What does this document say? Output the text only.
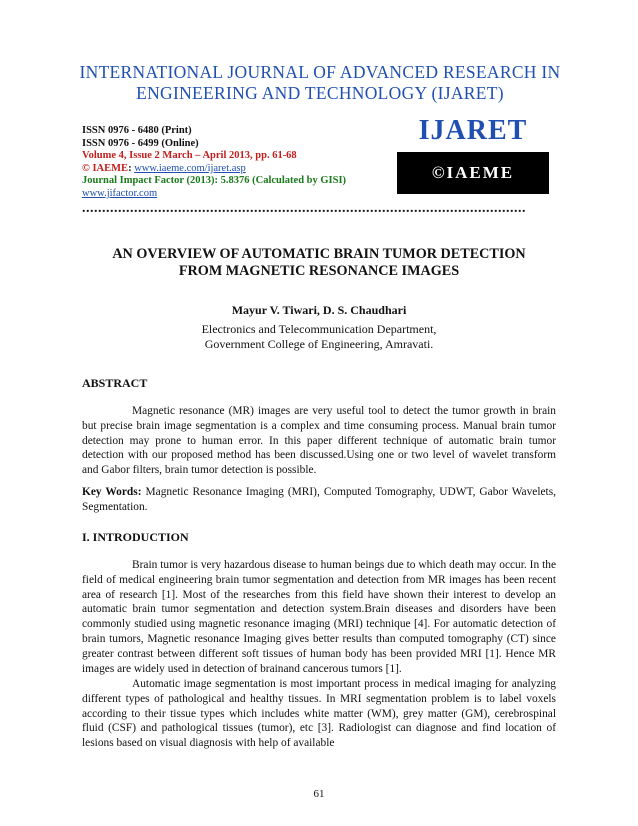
INTERNATIONAL JOURNAL OF ADVANCED RESEARCH IN
ENGINEERING AND TECHNOLOGY (IJARET)
ISSN 0976 - 6480 (Print)
ISSN 0976 - 6499 (Online)
Volume 4, Issue 2 March – April 2013, pp. 61-68
© IAEME: www.iaeme.com/ijaret.asp
Journal Impact Factor (2013): 5.8376 (Calculated by GISI)
www.jifactor.com
IJARET
©IAEME
...............................................................................................................
AN OVERVIEW OF AUTOMATIC BRAIN TUMOR DETECTION
FROM MAGNETIC RESONANCE IMAGES
Mayur V. Tiwari, D. S. Chaudhari
Electronics and Telecommunication Department,
Government College of Engineering, Amravati.
ABSTRACT
Magnetic resonance (MR) images are very useful tool to detect the tumor growth in brain but precise brain image segmentation is a complex and time consuming process. Manual brain tumor detection may prone to human error. In this paper different technique of automatic brain tumor detection with our proposed method has been discussed.Using one or two level of wavelet transform and Gabor filters, brain tumor detection is possible.
Key Words: Magnetic Resonance Imaging (MRI), Computed Tomography, UDWT, Gabor Wavelets, Segmentation.
I. INTRODUCTION
Brain tumor is very hazardous disease to human beings due to which death may occur. In the field of medical engineering brain tumor segmentation and detection from MR images has been recent area of research [1]. Most of the researches from this field have shown their interest to develop an automatic brain tumor segmentation and detection system.Brain diseases and disorders have been commonly studied using magnetic resonance imaging (MRI) technique [4]. For automatic detection of brain tumors, Magnetic resonance Imaging gives better results than computed tomography (CT) since greater contrast between different soft tissues of human body has been provided MRI [1]. Hence MR images are widely used in detection of brainand cancerous tumors [1].
Automatic image segmentation is most important process in medical imaging for analyzing different types of pathological and healthy tissues. In MRI segmentation problem is to label voxels according to their tissue types which includes white matter (WM), grey matter (GM), cerebrospinal fluid (CSF) and pathological tissues (tumor), etc [3]. Radiologist can diagnose and find location of lesions based on visual diagnosis with help of available
61
